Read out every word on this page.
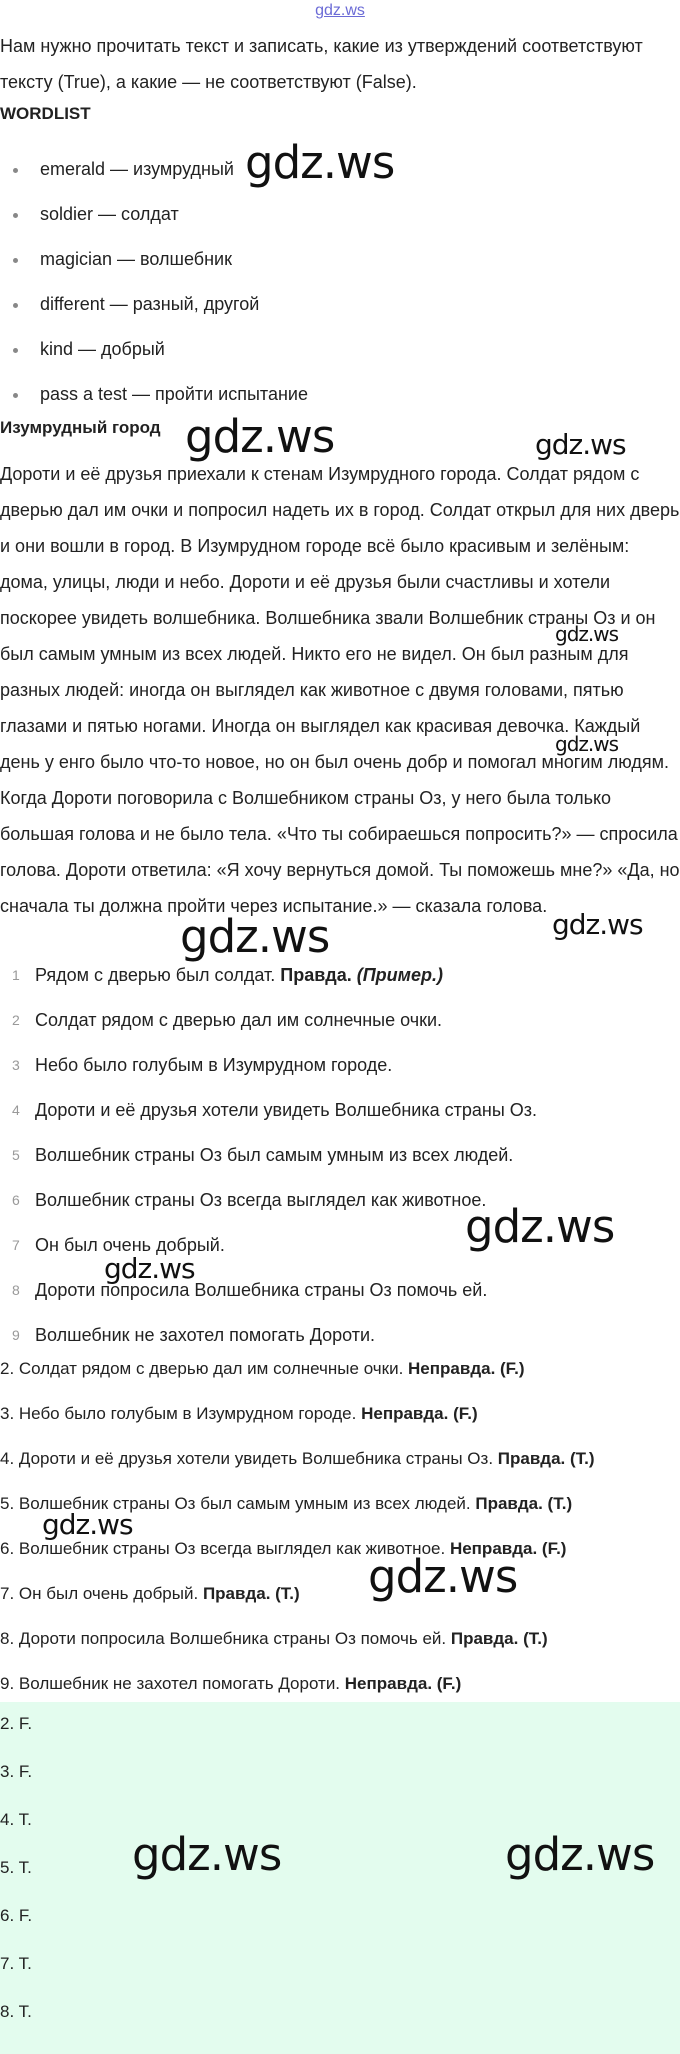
gdz.ws

Нам нужно прочитать текст и записать, какие из утверждений соответствуют тексту (True), а какие — не соответствуют (False).

WORDLIST
emerald — изумрудный
soldier — солдат
magician — волшебник
different — разный, другой
kind — добрый
pass a test — пройти испытание
Изумрудный город

Дороти и её друзья приехали к стенам Изумрудного города. Солдат рядом с дверью дал им очки и попросил надеть их в город. Солдат открыл для них дверь и они вошли в город. В Изумрудном городе всё было красивым и зелёным: дома, улицы, люди и небо. Дороти и её друзья были счастливы и хотели поскорее увидеть волшебника. Волшебника звали Волшебник страны Оз и он был самым умным из всех людей. Никто его не видел. Он был разным для разных людей: иногда он выглядел как животное с двумя головами, пятью глазами и пятью ногами. Иногда он выглядел как красивая девочка. Каждый день у енго было что-то новое, но он был очень добр и помогал многим людям. Когда Дороти поговорила с Волшебником страны Оз, у него была только большая голова и не было тела. «Что ты собираешься попросить?» — спросила голова. Дороти ответила: «Я хочу вернуться домой. Ты поможешь мне?» «Да, но сначала ты должна пройти через испытание.» — сказала голова.

1 Рядом с дверью был солдат. Правда. (Пример.)
2 Солдат рядом с дверью дал им солнечные очки.
3 Небо было голубым в Изумрудном городе.
4 Дороти и её друзья хотели увидеть Волшебника страны Оз.
5 Волшебник страны Оз был самым умным из всех людей.
6 Волшебник страны Оз всегда выглядел как животное.
7 Он был очень добрый.
8 Дороти попросила Волшебника страны Оз помочь ей.
9 Волшебник не захотел помогать Дороти.
2. Солдат рядом с дверью дал им солнечные очки. Неправда. (F.)
3. Небо было голубым в Изумрудном городе. Неправда. (F.)
4. Дороти и её друзья хотели увидеть Волшебника страны Оз. Правда. (T.)
5. Волшебник страны Оз был самым умным из всех людей. Правда. (T.)
6. Волшебник страны Оз всегда выглядел как животное. Неправда. (F.)
7. Он был очень добрый. Правда. (T.)
8. Дороти попросила Волшебника страны Оз помочь ей. Правда. (T.)
9. Волшебник не захотел помогать Дороти. Неправда. (F.)
2. F.
3. F.
4. T.
5. T.
6. F.
7. T.
8. T.
gdz.ws
gdz.ws	gdz.ws
gdz.ws
gdz.ws
gdz.ws	gdz.ws
gdz.ws
gdz.ws
gdz.ws
gdz.ws
gdz.ws	gdz.ws
